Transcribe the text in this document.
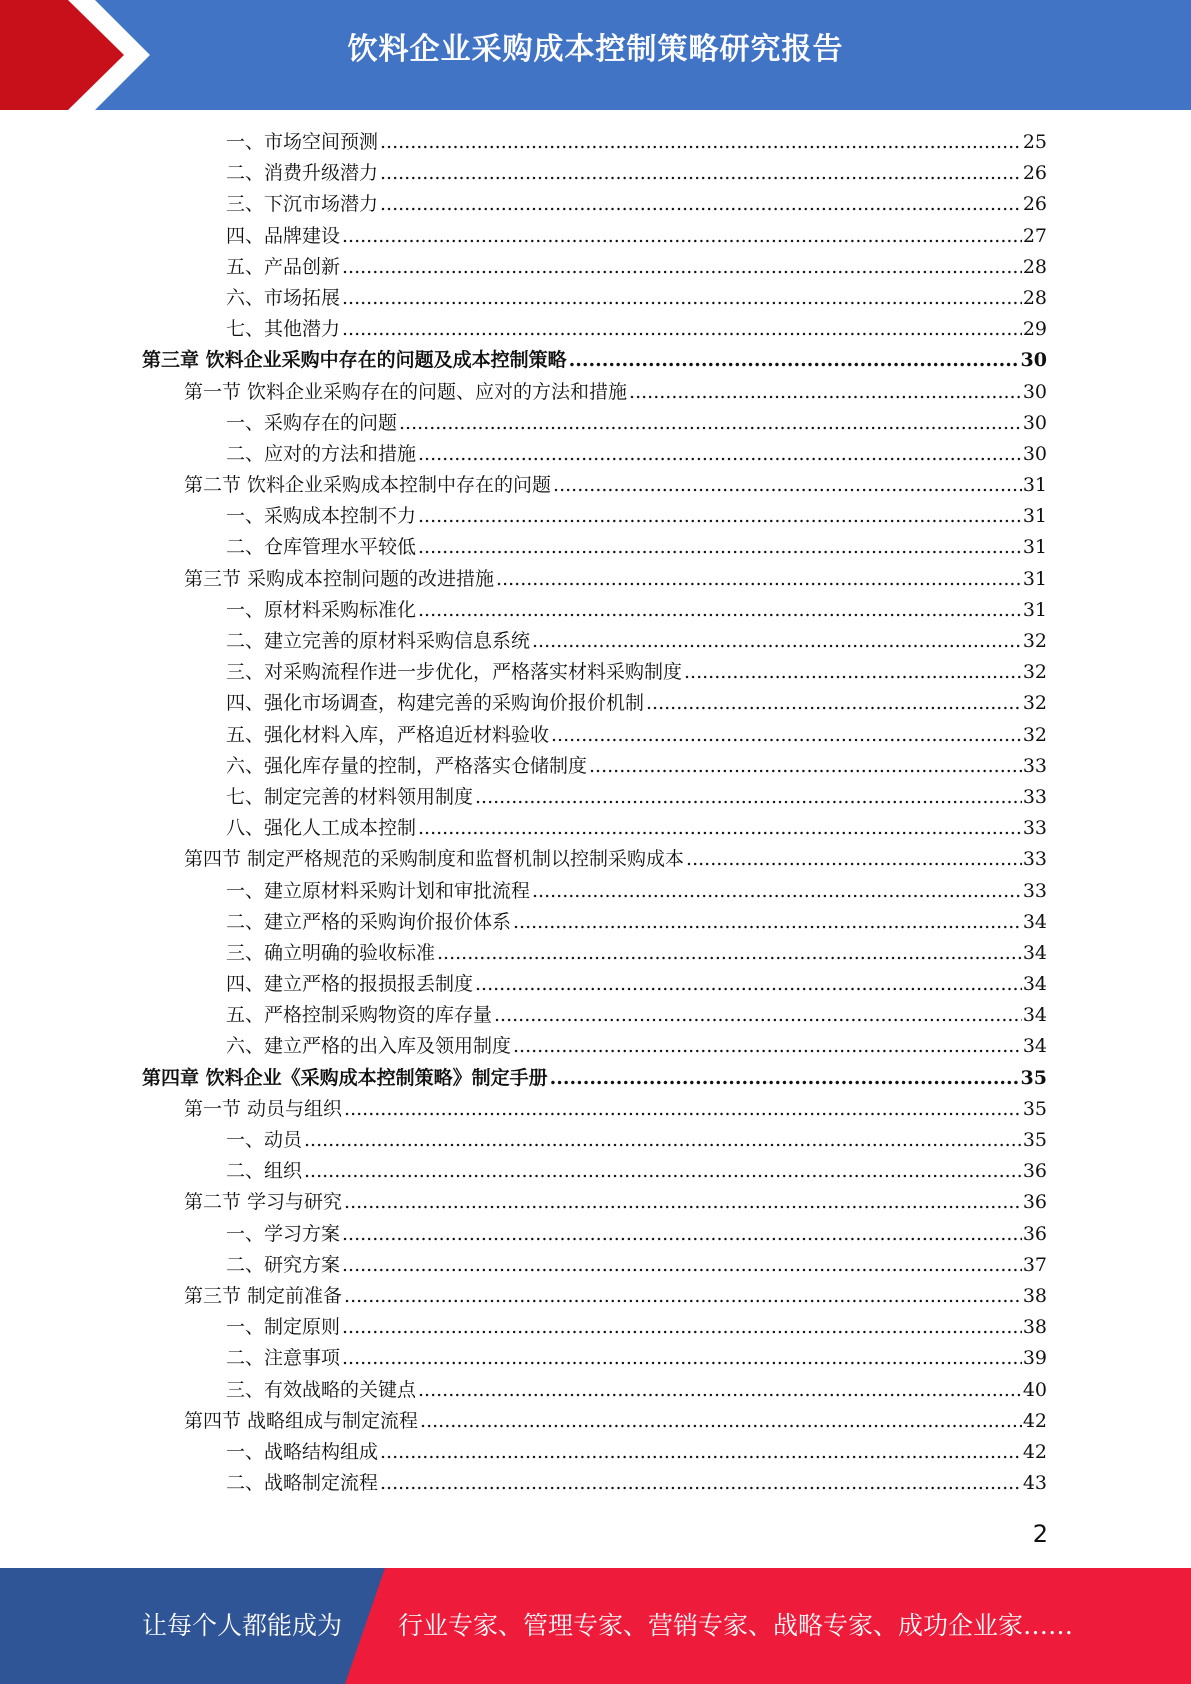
饮料企业采购成本控制策略研究报告
一、市场空间预测 .....	25
二、消费升级潜力 .....	26
三、下沉市场潜力 .....	26
四、品牌建设 .....	27
五、产品创新 .....	28
六、市场拓展 .....	28
七、其他潜力 .....	29
第三章 饮料企业采购中存在的问题及成本控制策略 .....	30
第一节 饮料企业采购存在的问题、应对的方法和措施 .....	30
一、采购存在的问题 .....	30
二、应对的方法和措施 .....	30
第二节 饮料企业采购成本控制中存在的问题 .....	31
一、采购成本控制不力 .....	31
二、仓库管理水平较低 .....	31
第三节 采购成本控制问题的改进措施 .....	31
一、原材料采购标准化 .....	31
二、建立完善的原材料采购信息系统 .....	32
三、对采购流程作进一步优化，严格落实材料采购制度 .....	32
四、强化市场调查，构建完善的采购询价报价机制 .....	32
五、强化材料入库，严格追近材料验收 .....	32
六、强化库存量的控制，严格落实仓储制度 .....	33
七、制定完善的材料领用制度 .....	33
八、强化人工成本控制 .....	33
第四节 制定严格规范的采购制度和监督机制以控制采购成本 .....	33
一、建立原材料采购计划和审批流程 .....	33
二、建立严格的采购询价报价体系 .....	34
三、确立明确的验收标准 .....	34
四、建立严格的报损报丢制度 .....	34
五、严格控制采购物资的库存量 .....	34
六、建立严格的出入库及领用制度 .....	34
第四章 饮料企业《采购成本控制策略》制定手册 .....	35
第一节 动员与组织 .....	35
一、动员 .....	35
二、组织 .....	36
第二节 学习与研究 .....	36
一、学习方案 .....	36
二、研究方案 .....	37
第三节 制定前准备 .....	38
一、制定原则 .....	38
二、注意事项 .....	39
三、有效战略的关键点 .....	40
第四节 战略组成与制定流程 .....	42
一、战略结构组成 .....	42
二、战略制定流程 .....	43
2
让每个人都能成为 行业专家、管理专家、营销专家、战略专家、成功企业家……
